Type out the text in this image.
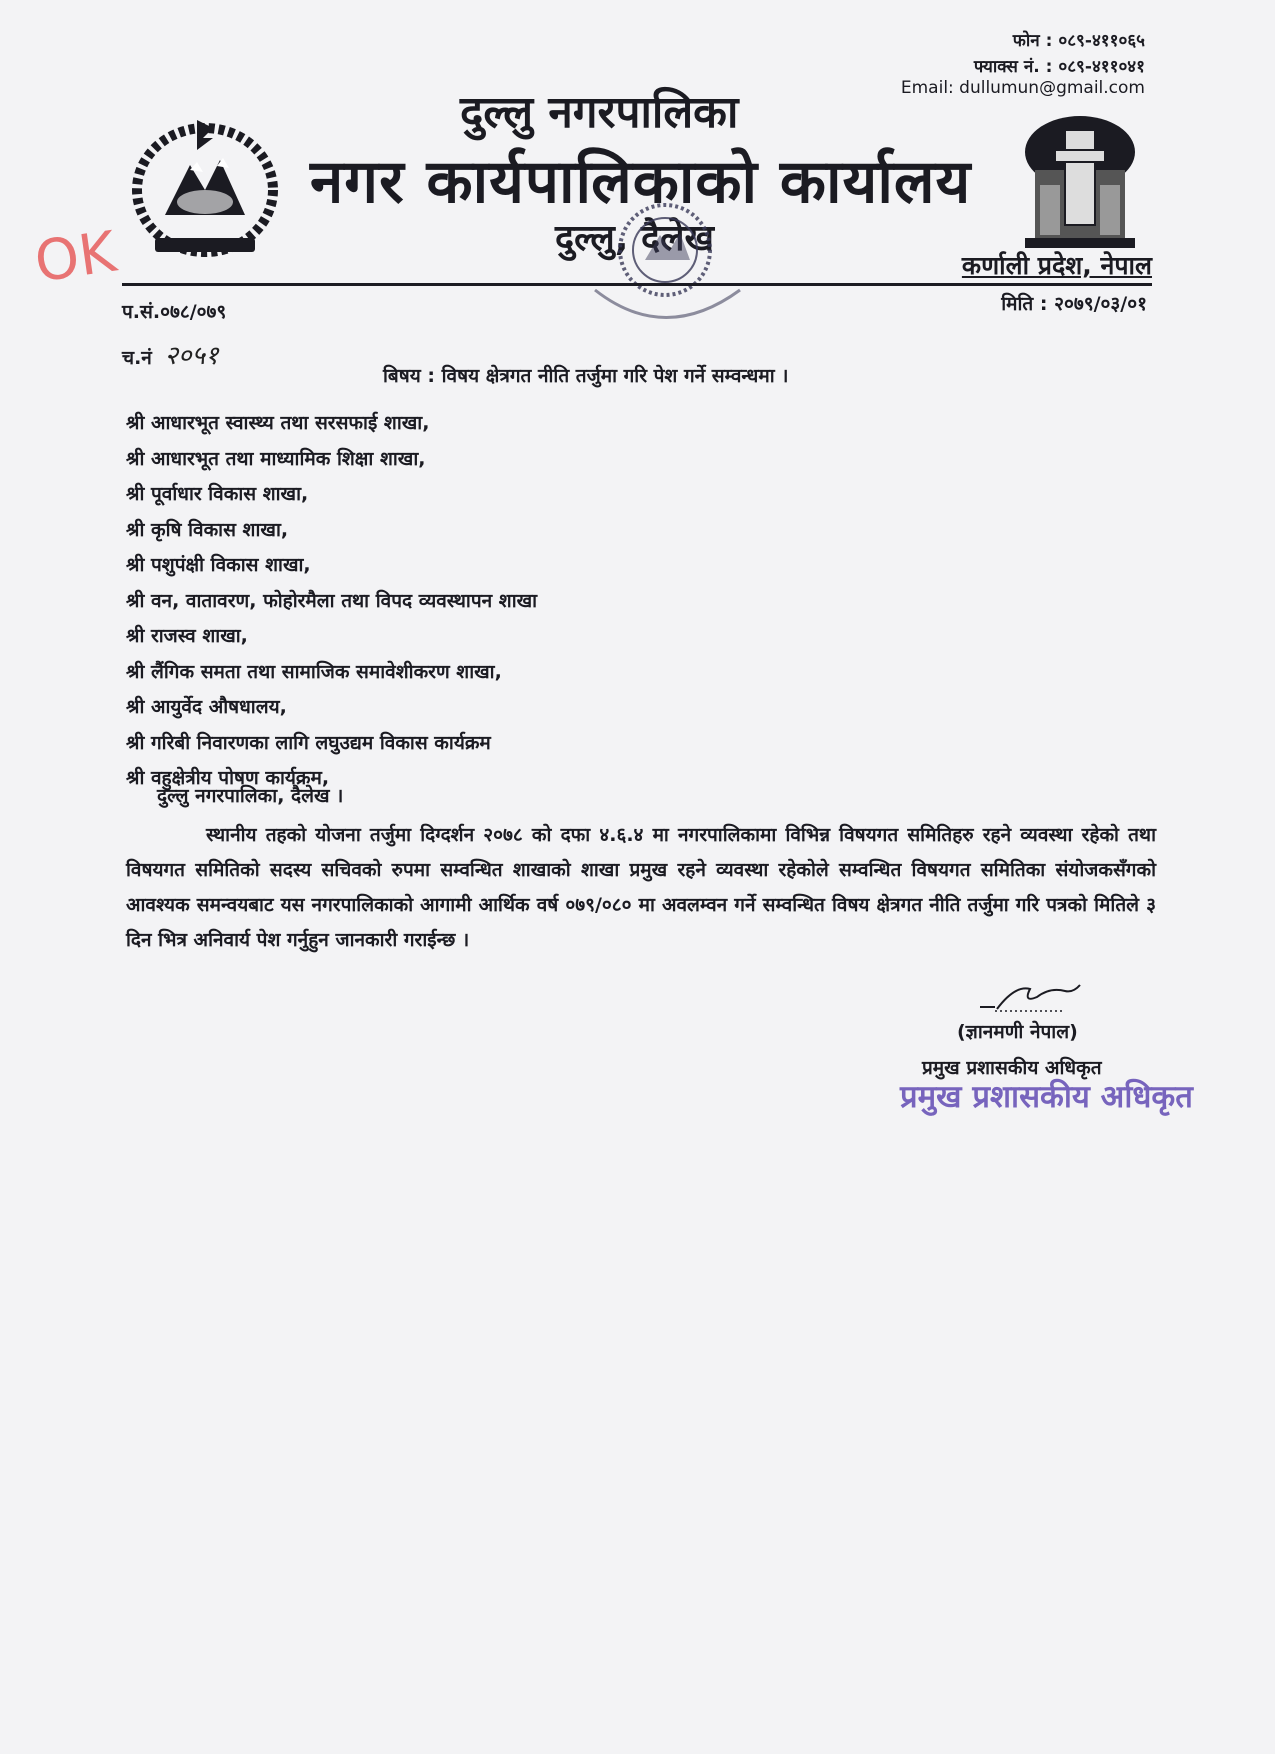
फोन : ०८९-४११०६५
फ्याक्स नं. : ०८९-४११०४१
Email: dullumun@gmail.com
दुल्लु नगरपालिका
नगर कार्यपालिकाको कार्यालय
दुल्लु, दैलेख
OK	कर्णाली प्रदेश, नेपाल
प.सं.०७८/०७९
च.नं २०५१
मिति : २०७९/०३/०१
बिषय : विषय क्षेत्रगत नीति तर्जुमा गरि पेश गर्ने सम्वन्धमा ।
श्री आधारभूत स्वास्थ्य तथा सरसफाई शाखा,
श्री आधारभूत तथा माध्यामिक शिक्षा शाखा,
श्री पूर्वाधार विकास शाखा,
श्री कृषि विकास शाखा,
श्री पशुपंक्षी विकास शाखा,
श्री वन, वातावरण, फोहोरमैला तथा विपद व्यवस्थापन शाखा
श्री राजस्व शाखा,
श्री लैंगिक समता तथा सामाजिक समावेशीकरण शाखा,
श्री आयुर्वेद औषधालय,
श्री गरिबी निवारणका लागि लघुउद्यम विकास कार्यक्रम
श्री वहुक्षेत्रीय पोषण कार्यक्रम,
दुल्लु नगरपालिका, दैलेख ।

स्थानीय तहको योजना तर्जुमा दिग्दर्शन २०७८ को दफा ४.६.४ मा नगरपालिकामा विभिन्न विषयगत समितिहरु रहने व्यवस्था रहेको तथा विषयगत समितिको सदस्य सचिवको रुपमा सम्वन्धित शाखाको शाखा प्रमुख रहने व्यवस्था रहेकोले सम्वन्धित विषयगत समितिका संयोजकसँगको आवश्यक समन्वयबाट यस नगरपालिकाको आगामी आर्थिक वर्ष ०७९/०८० मा अवलम्वन गर्ने सम्वन्धित विषय क्षेत्रगत नीति तर्जुमा गरि पत्रको मितिले ३ दिन भित्र अनिवार्य पेश गर्नुहुन जानकारी गराईन्छ ।

(ज्ञानमणी नेपाल)
प्रमुख प्रशासकीय अधिकृत
प्रमुख प्रशासकीय अधिकृत
